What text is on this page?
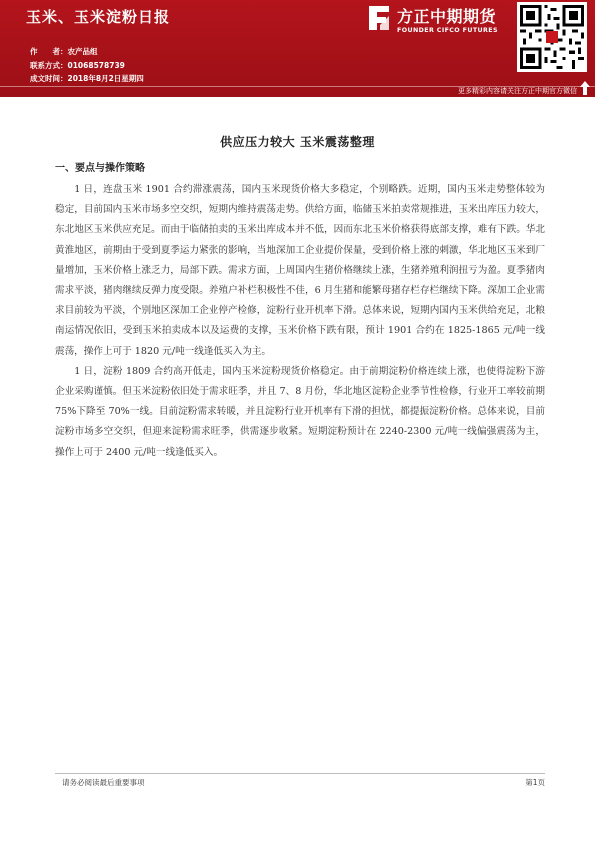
玉米、玉米淀粉日报
作　　者：农产品组
联系方式：01068578739
成文时间：2018年8月2日星期四
方正中期期货
FOUNDER CIFCO FUTURES
更多精彩内容请关注方正中期官方微信
供应压力较大 玉米震荡整理
一、要点与操作策略

1 日，连盘玉米 1901 合约滞涨震荡，国内玉米现货价格大多稳定，个别略跌。近期，国内玉米走势整体较为稳定，目前国内玉米市场多空交织，短期内维持震荡走势。供给方面，临储玉米拍卖常规推进，玉米出库压力较大，东北地区玉米供应充足。而由于临储拍卖的玉米出库成本并不低，因而东北玉米价格获得底部支撑，难有下跌。华北黄淮地区，前期由于受到夏季运力紧张的影响，当地深加工企业提价保量，受到价格上涨的刺激，华北地区玉米到厂量增加，玉米价格上涨乏力，局部下跌。需求方面，上周国内生猪价格继续上涨，生猪养殖利润扭亏为盈。夏季猪肉需求平淡，猪肉继续反弹力度受限。养殖户补栏积极性不佳，6 月生猪和能繁母猪存栏存栏继续下降。深加工企业需求目前较为平淡，个别地区深加工企业停产检修，淀粉行业开机率下滑。总体来说，短期内国内玉米供给充足，北粮南运情况依旧，受到玉米拍卖成本以及运费的支撑，玉米价格下跌有限，预计 1901 合约在 1825-1865 元/吨一线震荡，操作上可于 1820 元/吨一线逢低买入为主。

1 日，淀粉 1809 合约高开低走，国内玉米淀粉现货价格稳定。由于前期淀粉价格连续上涨，也使得淀粉下游企业采购谨慎。但玉米淀粉依旧处于需求旺季，并且 7、8 月份，华北地区淀粉企业季节性检修，行业开工率较前期 75%下降至 70%一线。目前淀粉需求转暖，并且淀粉行业开机率有下滑的担忧，都提振淀粉价格。总体来说，目前淀粉市场多空交织，但迎来淀粉需求旺季，供需逐步收紧。短期淀粉预计在 2240-2300 元/吨一线偏强震荡为主，操作上可于 2400 元/吨一线逢低买入。

请务必阅读最后重要事项	第1页
